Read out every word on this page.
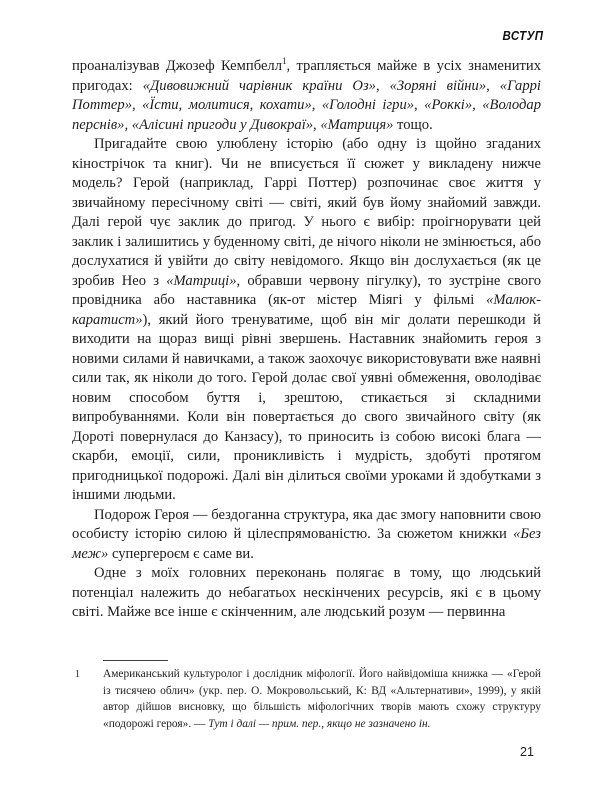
ВСТУП

проаналізував Джозеф Кемпбелл$^1$, трапляється майже в усіх знаменитих пригодах: «Дивовижний чарівник країни Оз», «Зоряні війни», «Гаррі Поттер», «Їсти, молитися, кохати», «Голодні ігри», «Роккі», «Володар перснів», «Алісині пригоди у Дивокраї», «Матриця» тощо.

Пригадайте свою улюблену історію (або одну із щойно згаданих кінострічок та книг). Чи не вписується її сюжет у викладену нижче модель? Герой (наприклад, Гаррі Поттер) розпочинає своє життя у звичайному пересічному світі — світі, який був йому знайомий завжди. Далі герой чує заклик до пригод. У нього є вибір: проігнорувати цей заклик і залишитись у буденному світі, де нічого ніколи не змінюється, або дослухатися й увійти до світу невідомого. Якщо він дослухається (як це зробив Нео з «Матриці», обравши червону пігулку), то зустріне свого провідника або наставника (як-от містер Міягі у фільмі «Малюк-каратист»), який його тренуватиме, щоб він міг долати перешкоди й виходити на щораз вищі рівні звершень. Наставник знайомить героя з новими силами й навичками, а також заохочує використовувати вже наявні сили так, як ніколи до того. Герой долає свої уявні обмеження, оволодіває новим способом буття і, зрештою, стикається зі складними випробуваннями. Коли він повертається до свого звичайного світу (як Дороті повернулася до Канзасу), то приносить із собою високі блага — скарби, емоції, сили, проникливість і мудрість, здобуті протягом пригодницької подорожі. Далі він ділиться своїми уроками й здобутками з іншими людьми.

Подорож Героя — бездоганна структура, яка дає змогу наповнити свою особисту історію силою й цілеспрямованістю. За сюжетом книжки «Без меж» супергероєм є саме ви.

Одне з моїх головних переконань полягає в тому, що людський потенціал належить до небагатьох нескінчених ресурсів, які є в цьому світі. Майже все інше є скінченним, але людський розум — первинна

1	Американський культуролог і дослідник міфології. Його найвідоміша книжка — «Герой із тисячею облич» (укр. пер. О. Мокровольський, К: ВД «Альтернативи», 1999), у якій автор дійшов висновку, що більшість міфологічних творів мають схожу структуру «подорожі героя». — Тут і далі — прим. пер., якщо не зазначено ін.
21
